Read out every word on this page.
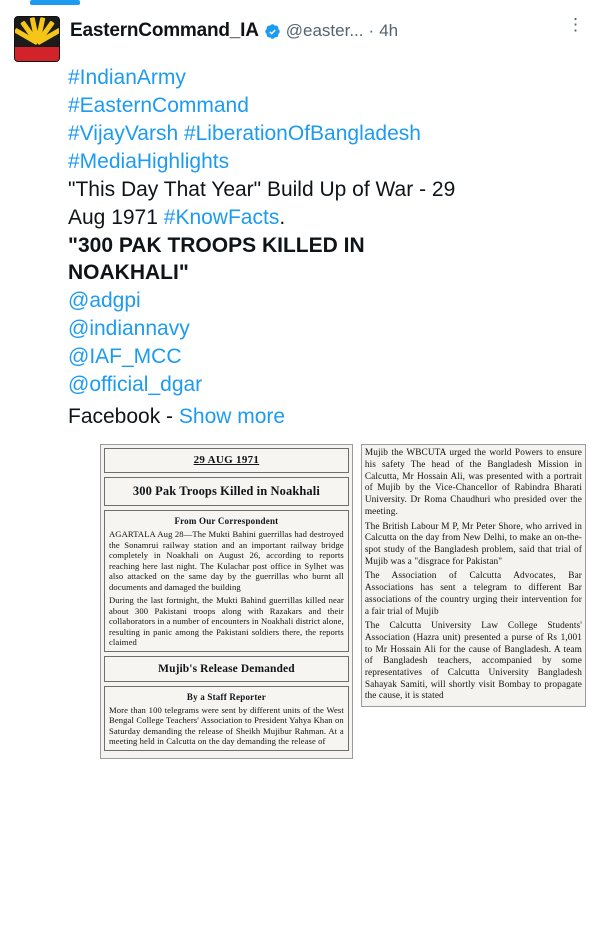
EasternCommand_IA @easter... · 4h	⋮
#IndianArmy
#EasternCommand
#VijayVarsh #LiberationOfBangladesh
#MediaHighlights
"This Day That Year" Build Up of War - 29
Aug 1971 #KnowFacts.
"300 PAK TROOPS KILLED IN
NOAKHALI"
@adgpi
@indiannavy
@IAF_MCC
@official_dgar
Facebook - Show more
29 AUG 1971
300 Pak Troops Killed in Noakhali
From Our Correspondent
AGARTALA Aug 28—The Mukti Bahini guerrillas had destroyed the Sonamrui railway station and an important railway bridge completely in Noakhali on August 26, according to reports reaching here last night. The Kulachar post office in Sylhet was also attacked on the same day by the guerrillas who burnt all documents and damaged the building
During the last fortnight, the Mukti Bahind guerrillas killed near about 300 Pakistani troops along with Razakars and their collaborators in a number of encounters in Noakhali district alone, resulting in panic among the Pakistani soldiers there, the reports claimed
Mujib's Release Demanded
By a Staff Reporter
More than 100 telegrams were sent by different units of the West Bengal College Teachers' Association to President Yahya Khan on Saturday demanding the release of Sheikh Mujibur Rahman. At a meeting held in Calcutta on the day demanding the release of
Mujib the WBCUTA urged the world Powers to ensure his safety The head of the Bangladesh Mission in Calcutta, Mr Hossain Ali, was presented with a portrait of Mujib by the Vice-Chancellor of Rabindra Bharati University. Dr Roma Chaudhuri who presided over the meeting.
The British Labour M P, Mr Peter Shore, who arrived in Calcutta on the day from New Delhi, to make an on-the-spot study of the Bangladesh problem, said that trial of Mujib was a "disgrace for Pakistan"
The Association of Calcutta Advocates, Bar Associations has sent a telegram to different Bar associations of the country urging their intervention for a fair trial of Mujib
The Calcutta University Law College Students' Association (Hazra unit) presented a purse of Rs 1,001 to Mr Hossain Ali for the cause of Bangladesh. A team of Bangladesh teachers, accompanied by some representatives of Calcutta University Bangladesh Sahayak Samiti, will shortly visit Bombay to propagate the cause, it is stated
